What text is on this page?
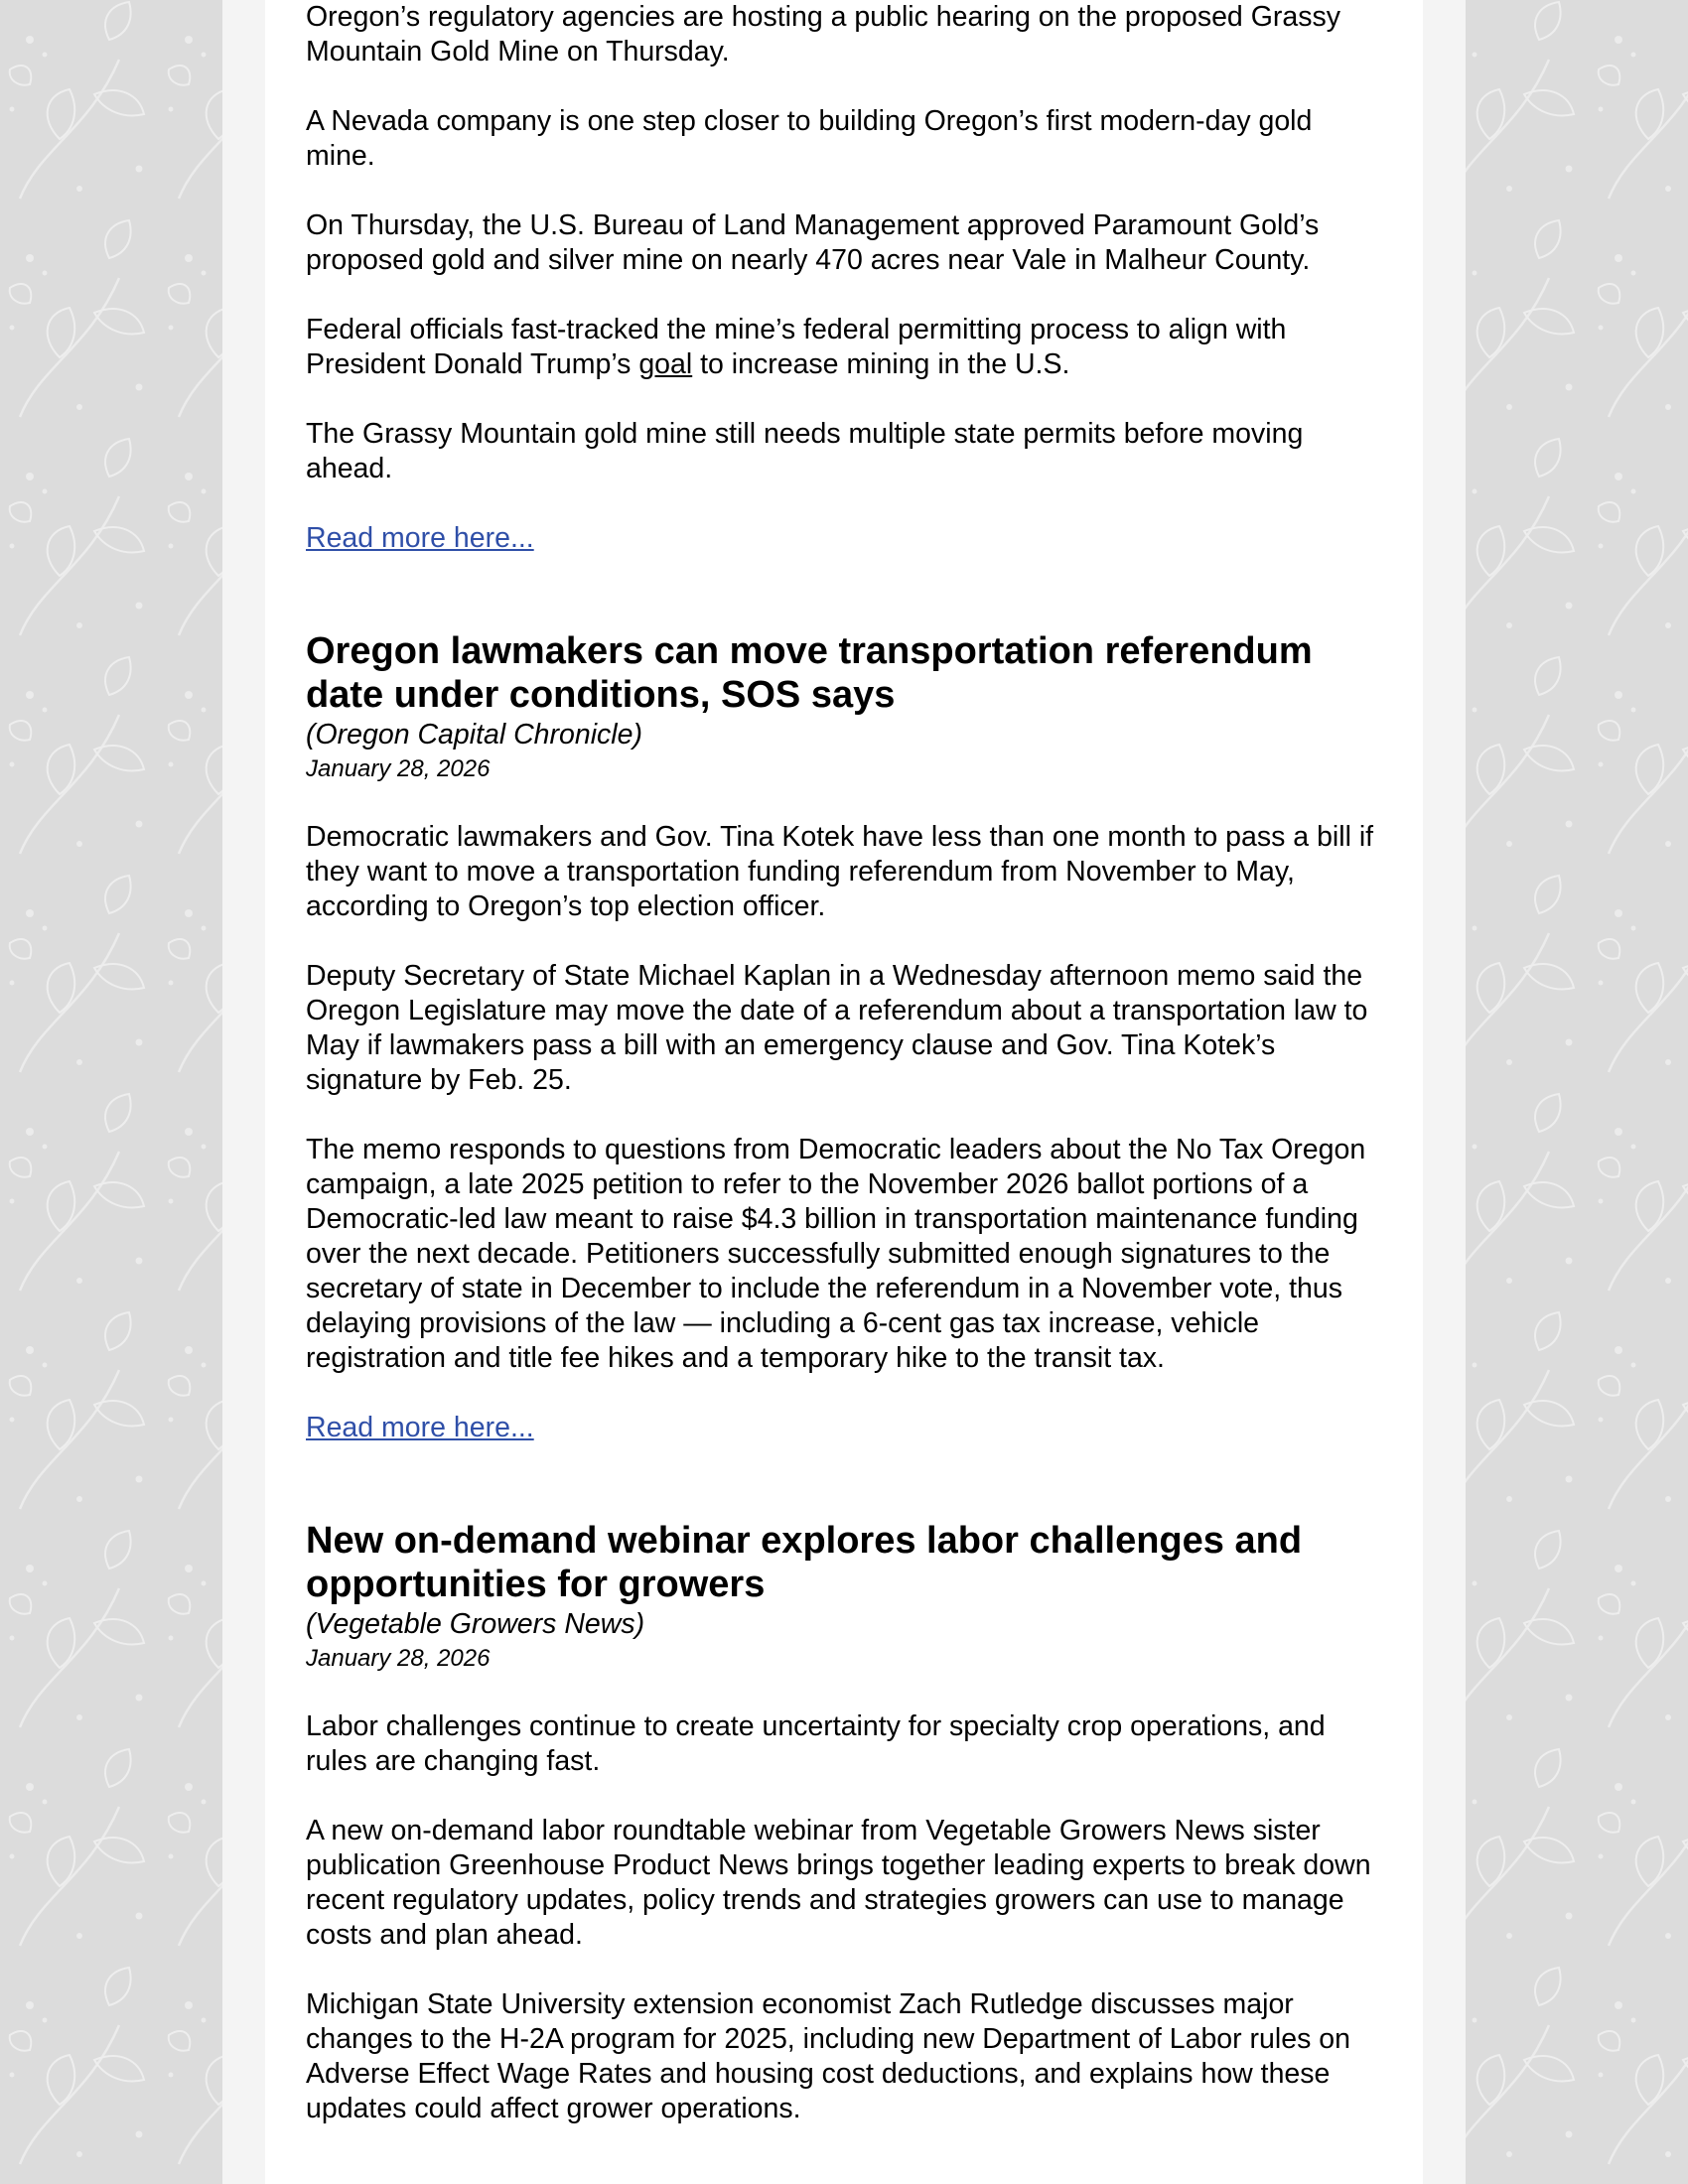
Oregon’s regulatory agencies are hosting a public hearing on the proposed Grassy Mountain Gold Mine on Thursday.

A Nevada company is one step closer to building Oregon’s first modern-day gold mine.

On Thursday, the U.S. Bureau of Land Management approved Paramount Gold’s proposed gold and silver mine on nearly 470 acres near Vale in Malheur County.

Federal officials fast-tracked the mine’s federal permitting process to align with President Donald Trump’s goal to increase mining in the U.S.

The Grassy Mountain gold mine still needs multiple state permits before moving ahead.

Read more here...
Oregon lawmakers can move transportation referendum date under conditions, SOS says
(Oregon Capital Chronicle)
January 28, 2026

Democratic lawmakers and Gov. Tina Kotek have less than one month to pass a bill if they want to move a transportation funding referendum from November to May, according to Oregon’s top election officer.

Deputy Secretary of State Michael Kaplan in a Wednesday afternoon memo said the Oregon Legislature may move the date of a referendum about a transportation law to May if lawmakers pass a bill with an emergency clause and Gov. Tina Kotek’s signature by Feb. 25.

The memo responds to questions from Democratic leaders about the No Tax Oregon campaign, a late 2025 petition to refer to the November 2026 ballot portions of a Democratic-led law meant to raise $4.3 billion in transportation maintenance funding over the next decade. Petitioners successfully submitted enough signatures to the secretary of state in December to include the referendum in a November vote, thus delaying provisions of the law — including a 6-cent gas tax increase, vehicle registration and title fee hikes and a temporary hike to the transit tax.

Read more here...
New on-demand webinar explores labor challenges and opportunities for growers
(Vegetable Growers News)
January 28, 2026

Labor challenges continue to create uncertainty for specialty crop operations, and rules are changing fast.

A new on-demand labor roundtable webinar from Vegetable Growers News sister publication Greenhouse Product News brings together leading experts to break down recent regulatory updates, policy trends and strategies growers can use to manage costs and plan ahead.

Michigan State University extension economist Zach Rutledge discusses major changes to the H-2A program for 2025, including new Department of Labor rules on Adverse Effect Wage Rates and housing cost deductions, and explains how these updates could affect grower operations.
